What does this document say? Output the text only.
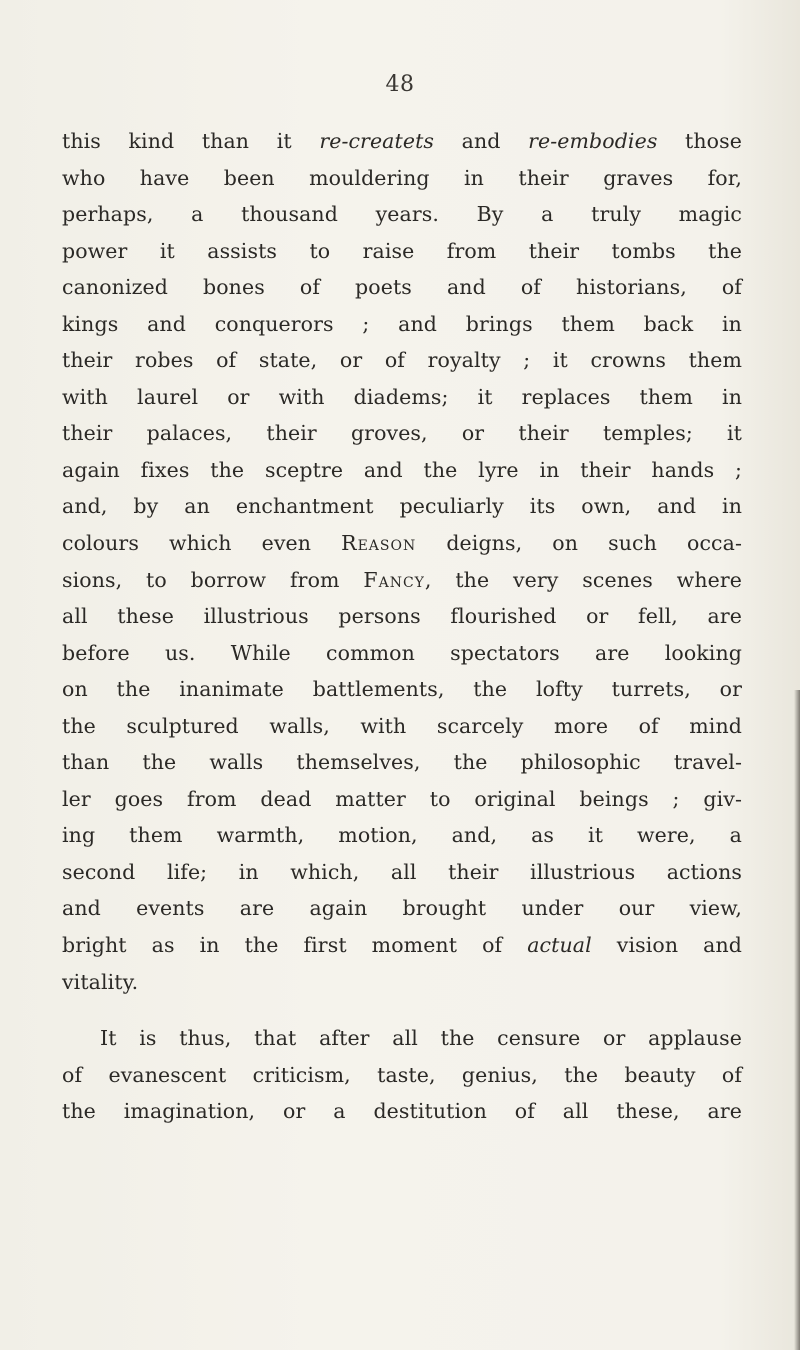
48
this kind than it re-createts and re-embodies those
who have been mouldering in their graves for,
perhaps, a thousand years. By a truly magic
power it assists to raise from their tombs the
canonized bones of poets and of historians, of
kings and conquerors ; and brings them back in
their robes of state, or of royalty ; it crowns them
with laurel or with diadems; it replaces them in
their palaces, their groves, or their temples; it
again fixes the sceptre and the lyre in their hands ;
and, by an enchantment peculiarly its own, and in
colours which even Reason deigns, on such occa-
sions, to borrow from Fancy, the very scenes where
all these illustrious persons flourished or fell, are
before us. While common spectators are looking
on the inanimate battlements, the lofty turrets, or
the sculptured walls, with scarcely more of mind
than the walls themselves, the philosophic travel-
ler goes from dead matter to original beings ; giv-
ing them warmth, motion, and, as it were, a
second life; in which, all their illustrious actions
and events are again brought under our view,
bright as in the first moment of actual vision and
vitality.
It is thus, that after all the censure or applause
of evanescent criticism, taste, genius, the beauty of
the imagination, or a destitution of all these, are
